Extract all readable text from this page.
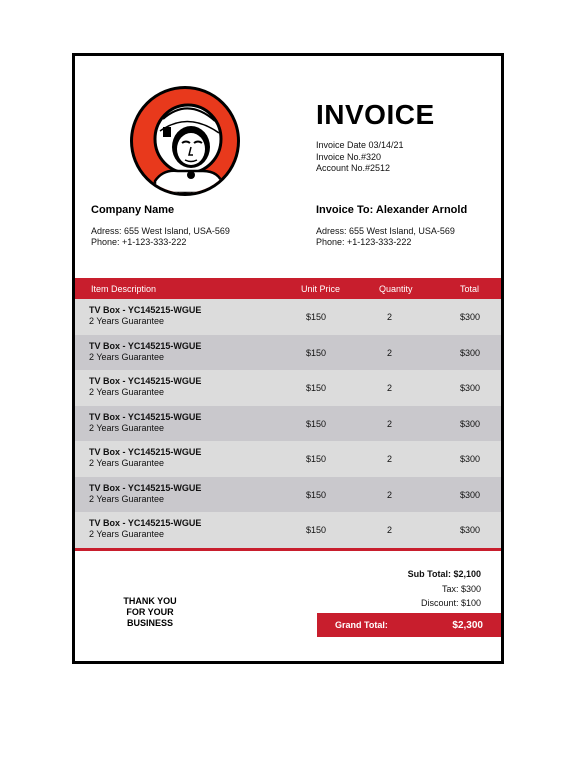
INVOICE
Invoice Date 03/14/21
Invoice No.#320
Account No.#2512
Company Name
Adress: 655 West Island, USA-569
Phone: +1-123-333-222
Invoice To: Alexander Arnold
Adress: 655 West Island, USA-569
Phone: +1-123-333-222
Item Description	Unit Price	Quantity	Total
TV Box - YC145215-WGUE
2 Years Guarantee	$150	2	$300
TV Box - YC145215-WGUE
2 Years Guarantee	$150	2	$300
TV Box - YC145215-WGUE
2 Years Guarantee	$150	2	$300
TV Box - YC145215-WGUE
2 Years Guarantee	$150	2	$300
TV Box - YC145215-WGUE
2 Years Guarantee	$150	2	$300
TV Box - YC145215-WGUE
2 Years Guarantee	$150	2	$300
TV Box - YC145215-WGUE
2 Years Guarantee	$150	2	$300
THANK YOU
FOR YOUR BUSINESS
Sub Total: $2,100
Tax: $300
Discount: $100
Grand Total:	$2,300
